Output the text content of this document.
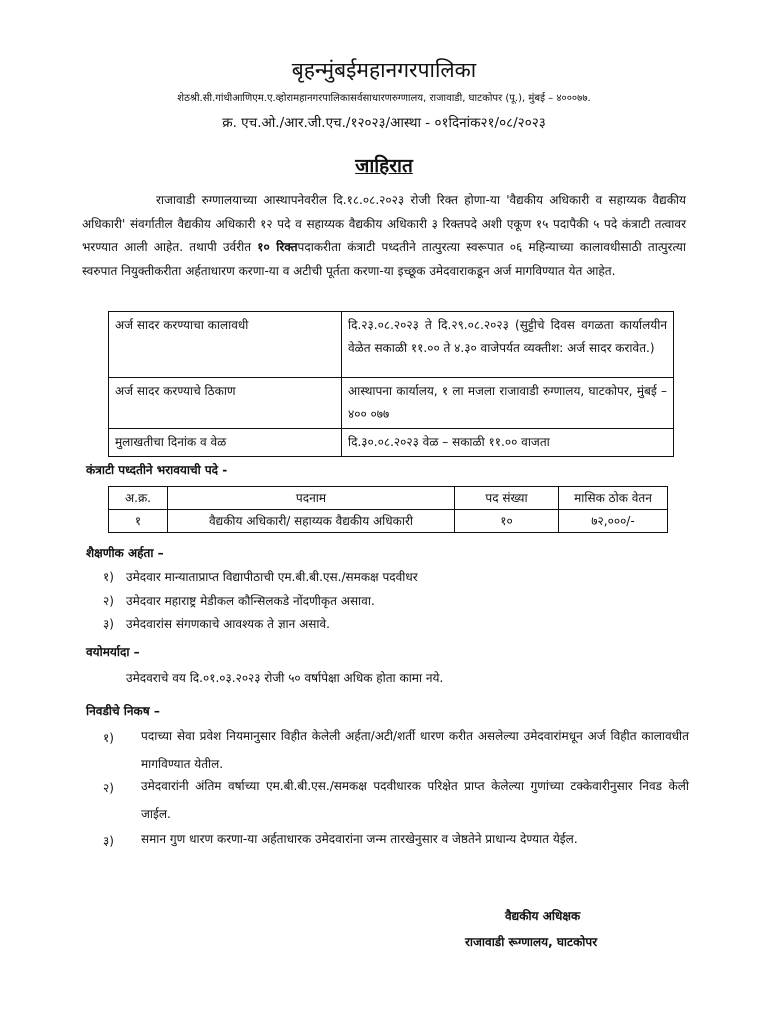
बृहन्मुंबईमहानगरपालिका
शेठश्री.सी.गांधीआणिएम.ए.व्होरामहानगरपालिकासर्वसाधारणरुग्णालय, राजावाडी, घाटकोपर (पू.), मुंबई – ४०००७७.
क्र. एच.ओ./आर.जी.एच./१२०२३/आस्था - ०१दिनांक२१/०८/२०२३
जाहिरात
राजावाडी रुग्णालयाच्या आस्थापनेवरील दि.१८.०८.२०२३ रोजी रिक्त होणा-या 'वैद्यकीय अधिकारी व सहाय्यक वैद्यकीय अधिकारी' संवर्गातील वैद्यकीय अधिकारी १२ पदे व सहाय्यक वैद्यकीय अधिकारी ३ रिक्तपदे अशी एकूण १५ पदापैकी ५ पदे कंत्राटी तत्वावर भरण्यात आली आहेत. तथापी उर्वरीत १० रिक्तपदाकरीता कंत्राटी पध्दतीने तात्पुरत्या स्वरूपात ०६ महिन्याच्या कालावधीसाठी तात्पुरत्या स्वरुपात नियुक्तीकरीता अर्हताधारण करणा-या व अटीची पूर्तता करणा-या इच्छूक उमेदवाराकडून अर्ज मागविण्यात येत आहेत.
अर्ज सादर करण्याचा कालावधी	दि.२३.०८.२०२३ ते दि.२९.०८.२०२३ (सुट्टीचे दिवस वगळता कार्यालयीन वेळेत सकाळी ११.०० ते ४.३० वाजेपर्यत व्यक्तीश: अर्ज सादर करावेत.)
अर्ज सादर करण्याचे ठिकाण	आस्थापना कार्यालय, १ ला मजला राजावाडी रुग्णालय, घाटकोपर, मुंबई – ४०० ०७७
मुलाखतीचा दिनांक व वेळ	दि.३०.०८.२०२३ वेळ – सकाळी ११.०० वाजता
कंत्राटी पध्दतीने भरावयाची पदे -
अ.क्र.	पदनाम	पद संख्या	मासिक ठोक वेतन
१	वैद्यकीय अधिकारी/ सहाय्यक वैद्यकीय अधिकारी	१०	७२,०००/-
शैक्षणीक अर्हता –
१) उमेदवार मान्याताप्राप्त विद्यापीठाची एम.बी.बी.एस./समकक्ष पदवीधर
२) उमेदवार महाराष्ट्र मेडीकल कौन्सिलकडे नोंदणीकृत असावा.
३) उमेदवारांस संगणकाचे आवश्यक ते ज्ञान असावे.
वयोमर्यादा –
उमेदवराचे वय दि.०१.०३.२०२३ रोजी ५० वर्षापेक्षा अधिक होता कामा नये.
निवडीचे निकष –
१) पदाच्या सेवा प्रवेश नियमानुसार विहीत केलेली अर्हता/अटी/शर्ती धारण करीत असलेल्या उमेदवारांमधून अर्ज विहीत कालावधीत मागविण्यात येतील.
२) उमेदवारांनी अंतिम वर्षाच्या एम.बी.बी.एस./समकक्ष पदवीधारक परिक्षेत प्राप्त केलेल्या गुणांच्या टक्केवारीनुसार निवड केली जाईल.
३) समान गुण धारण करणा-या अर्हताधारक उमेदवारांना जन्म तारखेनुसार व जेष्ठतेने प्राधान्य देण्यात येईल.
वैद्यकीय अधिक्षक
राजावाडी रूग्णालय, घाटकोपर
